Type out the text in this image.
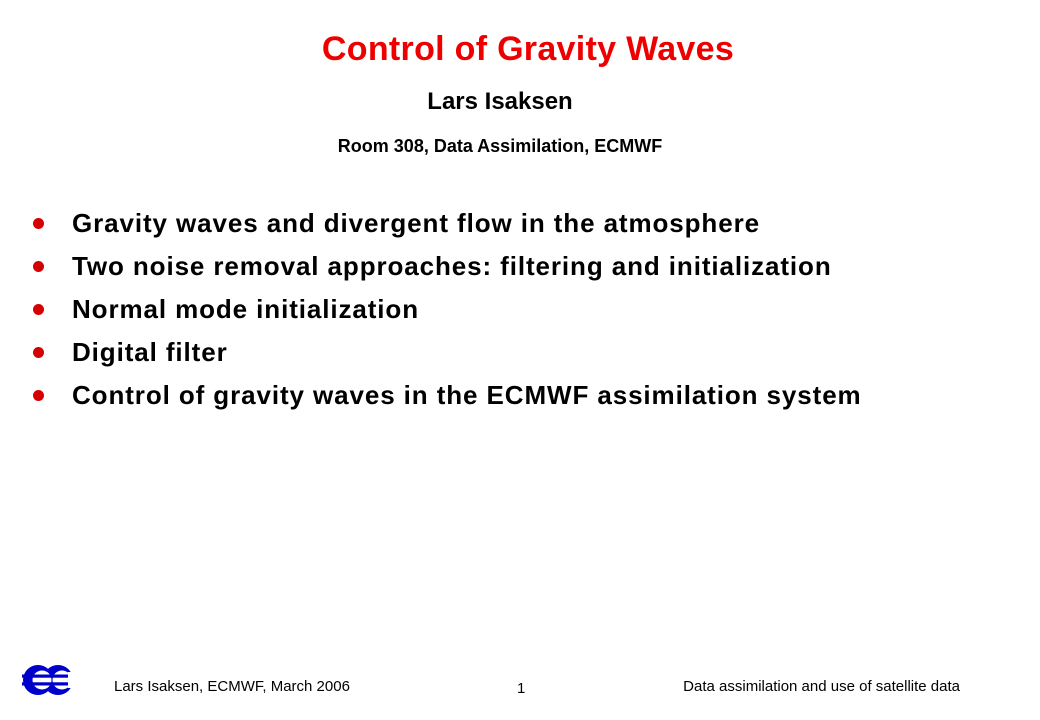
Control of Gravity Waves
Lars Isaksen
Room 308, Data Assimilation, ECMWF
Gravity waves and divergent flow in the atmosphere
Two noise removal approaches: filtering and initialization
Normal mode initialization
Digital filter
Control of gravity waves in the ECMWF assimilation system
Lars Isaksen, ECMWF, March 2006	1	Data assimilation and use of satellite data
